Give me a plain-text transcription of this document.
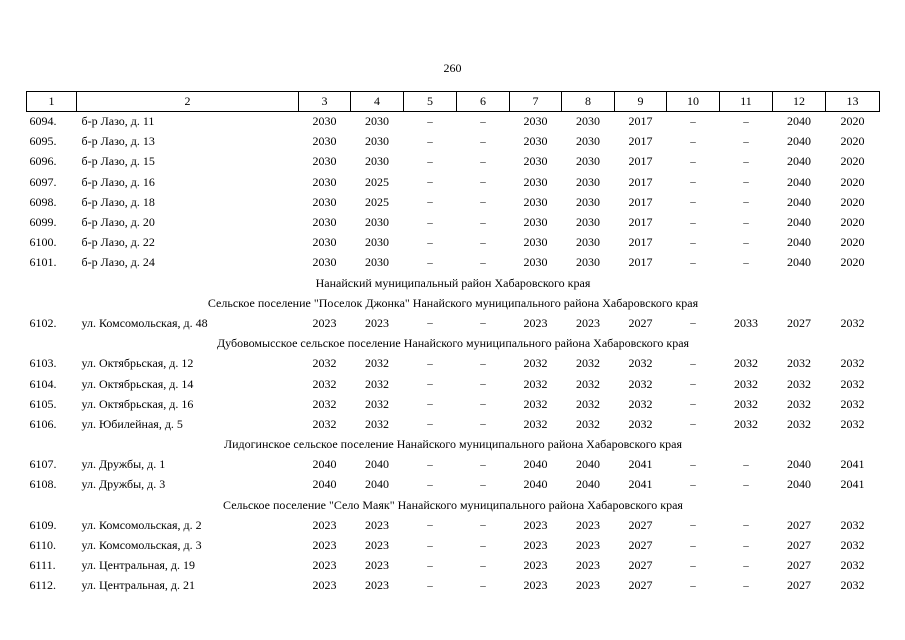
260
1	2	3	4	5	6	7	8	9	10	11	12	13
6094.	б-р Лазо, д. 11	2030	2030	–	–	2030	2030	2017	–	–	2040	2020
6095.	б-р Лазо, д. 13	2030	2030	–	–	2030	2030	2017	–	–	2040	2020
6096.	б-р Лазо, д. 15	2030	2030	–	–	2030	2030	2017	–	–	2040	2020
6097.	б-р Лазо, д. 16	2030	2025	–	–	2030	2030	2017	–	–	2040	2020
6098.	б-р Лазо, д. 18	2030	2025	–	–	2030	2030	2017	–	–	2040	2020
6099.	б-р Лазо, д. 20	2030	2030	–	–	2030	2030	2017	–	–	2040	2020
6100.	б-р Лазо, д. 22	2030	2030	–	–	2030	2030	2017	–	–	2040	2020
6101.	б-р Лазо, д. 24	2030	2030	–	–	2030	2030	2017	–	–	2040	2020
Нанайский муниципальный район Хабаровского края												
Сельское поселение "Поселок Джонка" Нанайского муниципального района Хабаровского края												
6102.	ул. Комсомольская, д. 48	2023	2023	–	–	2023	2023	2027	–	2033	2027	2032
Дубовомысское сельское поселение Нанайского муниципального района Хабаровского края												
6103.	ул. Октябрьская, д. 12	2032	2032	–	–	2032	2032	2032	–	2032	2032	2032
6104.	ул. Октябрьская, д. 14	2032	2032	–	–	2032	2032	2032	–	2032	2032	2032
6105.	ул. Октябрьская, д. 16	2032	2032	–	–	2032	2032	2032	–	2032	2032	2032
6106.	ул. Юбилейная, д. 5	2032	2032	–	–	2032	2032	2032	–	2032	2032	2032
Лидогинское сельское поселение Нанайского муниципального района Хабаровского края												
6107.	ул. Дружбы, д. 1	2040	2040	–	–	2040	2040	2041	–	–	2040	2041
6108.	ул. Дружбы, д. 3	2040	2040	–	–	2040	2040	2041	–	–	2040	2041
Сельское поселение "Село Маяк" Нанайского муниципального района Хабаровского края												
6109.	ул. Комсомольская, д. 2	2023	2023	–	–	2023	2023	2027	–	–	2027	2032
6110.	ул. Комсомольская, д. 3	2023	2023	–	–	2023	2023	2027	–	–	2027	2032
6111.	ул. Центральная, д. 19	2023	2023	–	–	2023	2023	2027	–	–	2027	2032
6112.	ул. Центральная, д. 21	2023	2023	–	–	2023	2023	2027	–	–	2027	2032
